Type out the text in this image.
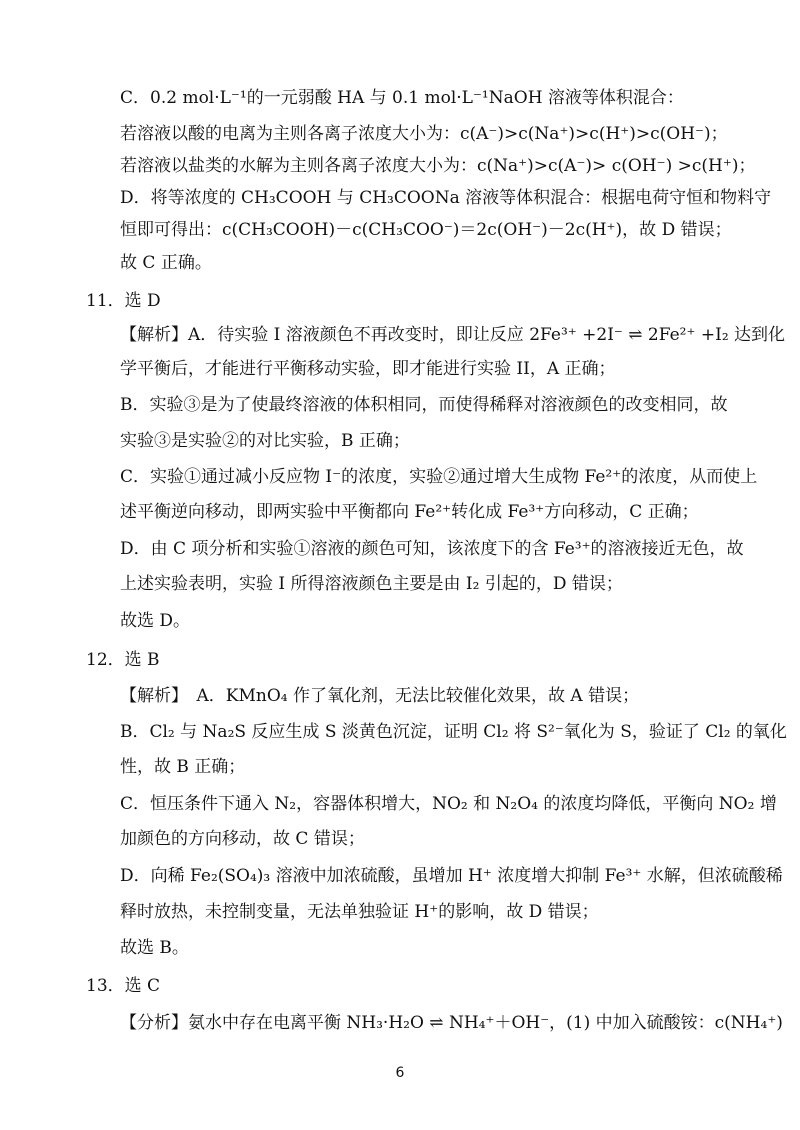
C．0.2 mol·L⁻¹的一元弱酸 HA 与 0.1 mol·L⁻¹NaOH 溶液等体积混合：
若溶液以酸的电离为主则各离子浓度大小为：c(A⁻)>c(Na⁺)>c(H⁺)>c(OH⁻)；
若溶液以盐类的水解为主则各离子浓度大小为：c(Na⁺)>c(A⁻)> c(OH⁻) >c(H⁺)；
D．将等浓度的 CH₃COOH 与 CH₃COONa 溶液等体积混合：根据电荷守恒和物料守
恒即可得出：c(CH₃COOH)－c(CH₃COO⁻)＝2c(OH⁻)－2c(H⁺)，故 D 错误；
故 C 正确。
11．选 D
【解析】A．待实验 I 溶液颜色不再改变时，即让反应 2Fe³⁺ +2I⁻ ⇌ 2Fe²⁺ +I₂ 达到化
学平衡后，才能进行平衡移动实验，即才能进行实验 II，A 正确；
B．实验③是为了使最终溶液的体积相同，而使得稀释对溶液颜色的改变相同，故
实验③是实验②的对比实验，B 正确；
C．实验①通过减小反应物 I⁻的浓度，实验②通过增大生成物 Fe²⁺的浓度，从而使上
述平衡逆向移动，即两实验中平衡都向 Fe²⁺转化成 Fe³⁺方向移动，C 正确；
D．由 C 项分析和实验①溶液的颜色可知，该浓度下的含 Fe³⁺的溶液接近无色，故
上述实验表明，实验 I 所得溶液颜色主要是由 I₂ 引起的，D 错误；
故选 D。
12．选 B
【解析】　A．KMnO₄ 作了氧化剂，无法比较催化效果，故 A 错误；
B．Cl₂ 与 Na₂S 反应生成 S 淡黄色沉淀，证明 Cl₂ 将 S²⁻氧化为 S，验证了 Cl₂ 的氧化
性，故 B 正确；
C．恒压条件下通入 N₂，容器体积增大，NO₂ 和 N₂O₄ 的浓度均降低，平衡向 NO₂ 增
加颜色的方向移动，故 C 错误；
D．向稀 Fe₂(SO₄)₃ 溶液中加浓硫酸，虽增加 H⁺ 浓度增大抑制 Fe³⁺ 水解，但浓硫酸稀
释时放热，未控制变量，无法单独验证 H⁺的影响，故 D 错误；
故选 B。
13．选 C
【分析】氨水中存在电离平衡 NH₃·H₂O ⇌ NH₄⁺＋OH⁻，(1) 中加入硫酸铵：c(NH₄⁺)
6
